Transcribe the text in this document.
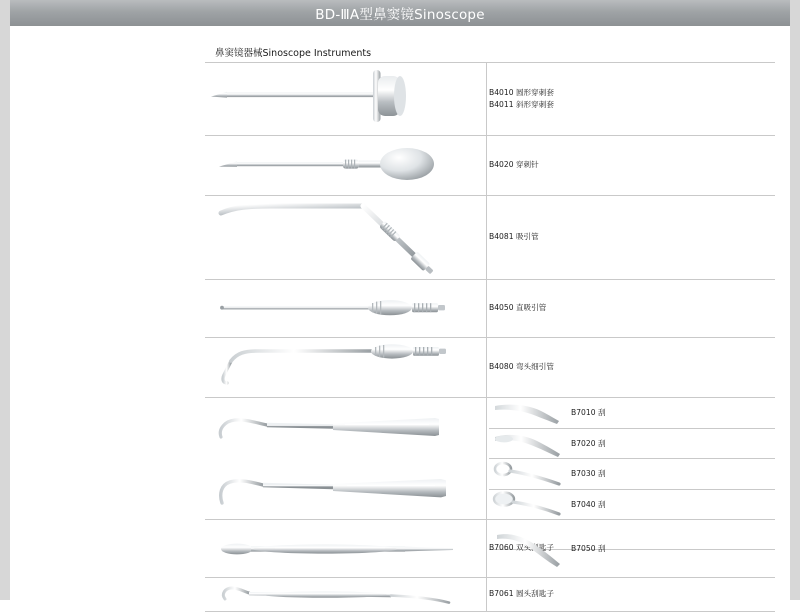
BD-ⅢA型鼻窦镜Sinoscope
鼻窦镜器械Sinoscope Instruments
B4010 圆形穿刺套
B4011 斜形穿刺套
B4020 穿刺针
B4081 吸引管
B4050 直吸引管
B4080 弯头细引管
B7060 双头刮匙子
B7061 圆头刮匙子
B7010 刮
B7020 刮
B7030 刮
B7040 刮
B7050 刮
